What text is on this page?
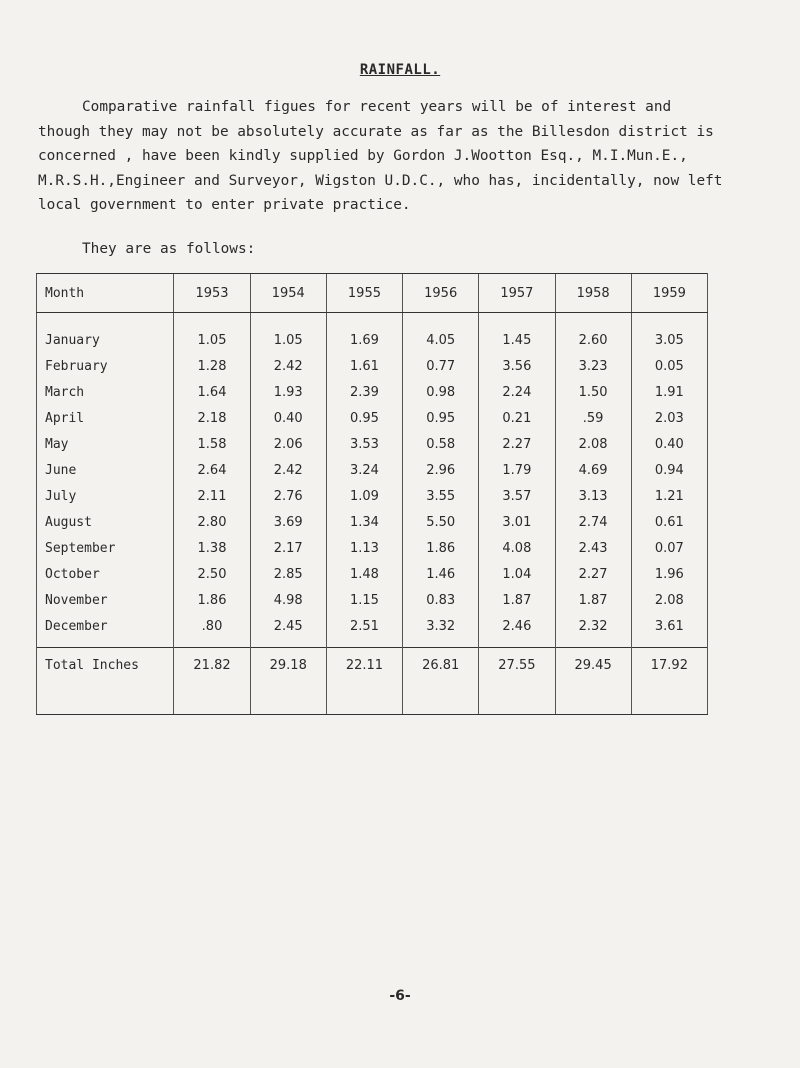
RAINFALL.

Comparative rainfall figues for recent years will be of interest and

though they may not be absolutely accurate as far as the Billesdon district is

concerned , have been kindly supplied by Gordon J.Wootton Esq., M.I.Mun.E.,

M.R.S.H.,Engineer and Surveyor, Wigston U.D.C., who has, incidentally, now left

local government to enter private practice.

They are as follows:
Month	1953	1954	1955	1956	1957	1958	1959
January	1.05	1.05	1.69	4.05	1.45	2.60	3.05
February	1.28	2.42	1.61	0.77	3.56	3.23	0.05
March	1.64	1.93	2.39	0.98	2.24	1.50	1.91
April	2.18	0.40	0.95	0.95	0.21	.59	2.03
May	1.58	2.06	3.53	0.58	2.27	2.08	0.40
June	2.64	2.42	3.24	2.96	1.79	4.69	0.94
July	2.11	2.76	1.09	3.55	3.57	3.13	1.21
August	2.80	3.69	1.34	5.50	3.01	2.74	0.61
September	1.38	2.17	1.13	1.86	4.08	2.43	0.07
October	2.50	2.85	1.48	1.46	1.04	2.27	1.96
November	1.86	4.98	1.15	0.83	1.87	1.87	2.08
December	.80	2.45	2.51	3.32	2.46	2.32	3.61
Total Inches	21.82	29.18	22.11	26.81	27.55	29.45	17.92
-6-
